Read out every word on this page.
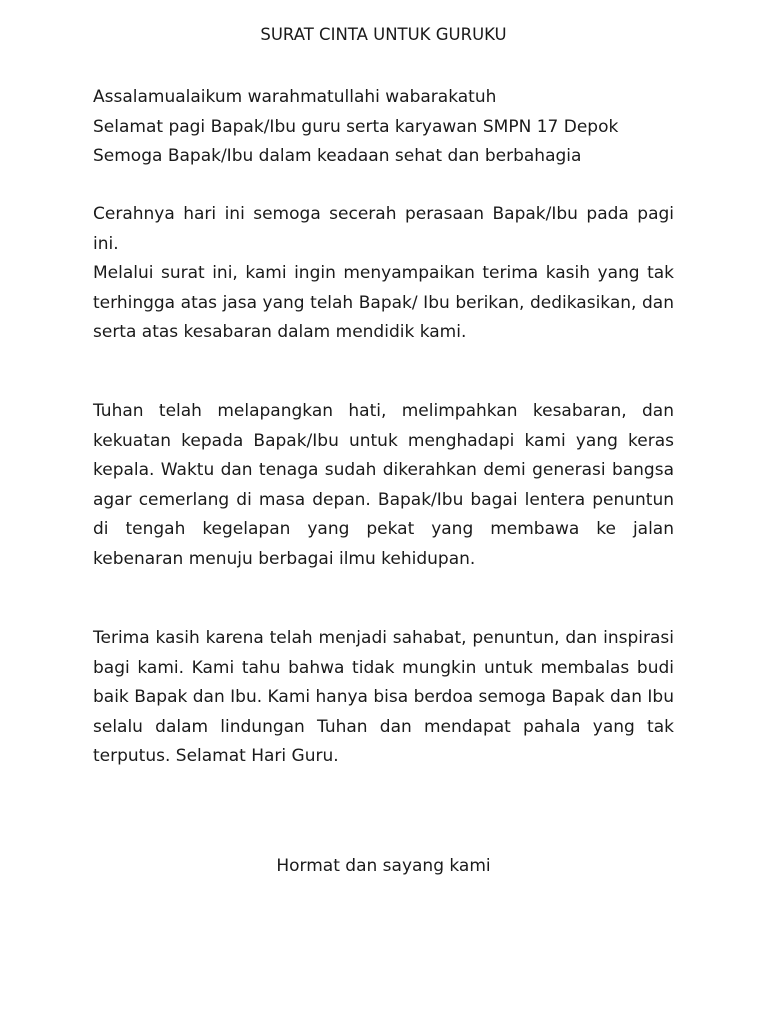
SURAT CINTA UNTUK GURUKU
Assalamualaikum warahmatullahi wabarakatuh
Selamat pagi Bapak/Ibu guru serta karyawan SMPN 17 Depok
Semoga Bapak/Ibu dalam keadaan sehat dan berbahagia

Cerahnya hari ini semoga secerah perasaan Bapak/Ibu pada pagi ini.
Melalui surat ini, kami ingin menyampaikan terima kasih yang tak terhingga atas jasa yang telah Bapak/ Ibu berikan, dedikasikan, dan serta atas kesabaran dalam mendidik kami.

Tuhan telah melapangkan hati, melimpahkan kesabaran, dan kekuatan kepada Bapak/Ibu untuk menghadapi kami yang keras kepala. Waktu dan tenaga sudah dikerahkan demi generasi bangsa agar cemerlang di masa depan. Bapak/Ibu bagai lentera penuntun di tengah kegelapan yang pekat yang membawa ke jalan kebenaran menuju berbagai ilmu kehidupan.

Terima kasih karena telah menjadi sahabat, penuntun, dan inspirasi bagi kami. Kami tahu bahwa tidak mungkin untuk membalas budi baik Bapak dan Ibu. Kami hanya bisa berdoa semoga Bapak dan Ibu selalu dalam lindungan Tuhan dan mendapat pahala yang tak terputus. Selamat Hari Guru.

Hormat dan sayang kami
